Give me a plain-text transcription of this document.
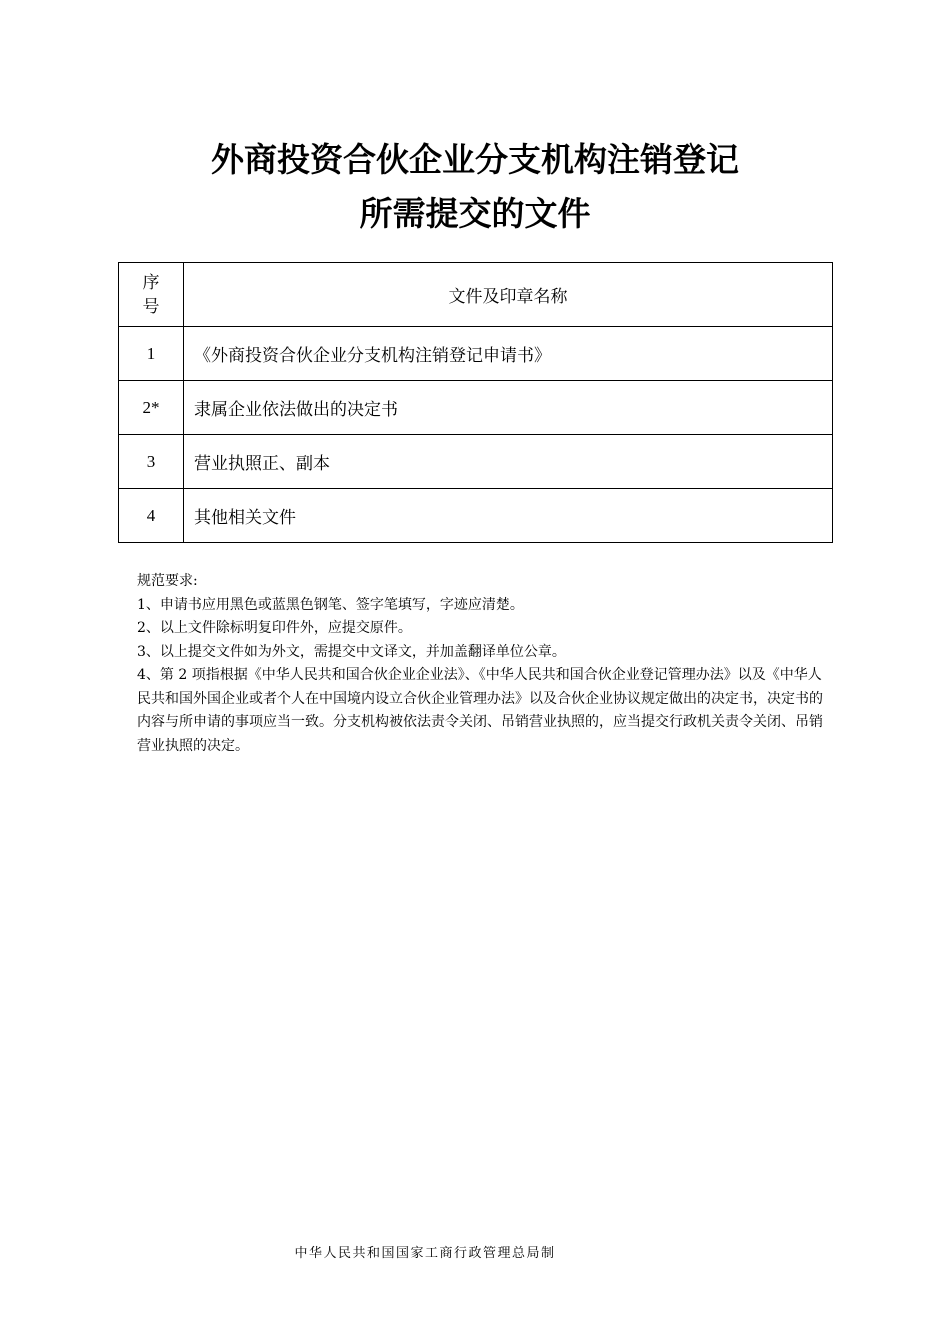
外商投资合伙企业分支机构注销登记
所需提交的文件
序
号	文件及印章名称
1	《外商投资合伙企业分支机构注销登记申请书》
2*	隶属企业依法做出的决定书
3	营业执照正、副本
4	其他相关文件

规范要求:

1、申请书应用黑色或蓝黑色钢笔、签字笔填写，字迹应清楚。

2、以上文件除标明复印件外，应提交原件。

3、以上提交文件如为外文，需提交中文译文，并加盖翻译单位公章。

4、第 2 项指根据《中华人民共和国合伙企业企业法》、《中华人民共和国合伙企业登记管理办法》以及《中华人民共和国外国企业或者个人在中国境内设立合伙企业管理办法》以及合伙企业协议规定做出的决定书，决定书的内容与所申请的事项应当一致。分支机构被依法责令关闭、吊销营业执照的，应当提交行政机关责令关闭、吊销营业执照的决定。

中华人民共和国国家工商行政管理总局制
